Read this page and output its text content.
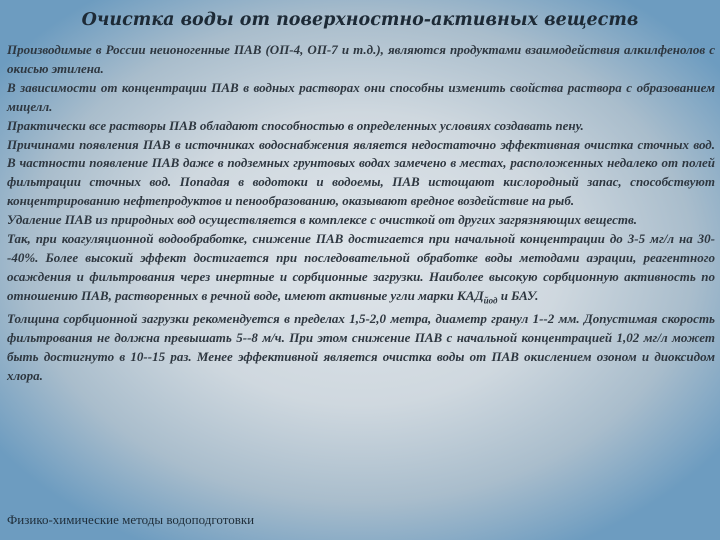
Очистка воды от поверхностно-активных веществ

Производимые в России неионогенные ПАВ (ОП-4, ОП-7 и т.д.), являются продуктами взаимодействия алкилфенолов с окисью этилена.

В зависимости от концентрации ПАВ в водных растворах они способны изменить свойства раствора с образованием мицелл.

Практически все растворы ПАВ обладают способностью в определенных условиях создавать пену.

Причинами появления ПАВ в источниках водоснабжения является недостаточно эффективная очистка сточных вод. В частности появление ПАВ даже в подземных грунтовых водах замечено в местах, расположенных недалеко от полей фильтрации сточных вод. Попадая в водотоки и водоемы, ПАВ истощают кислородный запас, способствуют концентрированию нефтепродуктов и пенообразованию, оказывают вредное воздействие на рыб.

Удаление ПАВ из природных вод осуществляется в комплексе с очисткой от других загрязняющих веществ.

Так, при коагуляционной водообработке, снижение ПАВ достигается при начальной концентрации до 3-5 мг/л на 30--40%. Более высокий эффект достигается при последовательной обработке воды методами аэрации, реагентного осаждения и фильтрования через инертные и сорбционные загрузки. Наиболее высокую сорбционную активность по отношению ПАВ, растворенных в речной воде, имеют активные угли марки $КАД_{йод}$ и БАУ.

Толщина сорбционной загрузки рекомендуется в пределах 1,5-2,0 метра, диаметр гранул 1--2 мм. Допустимая скорость фильтрования не должна превышать 5--8 м/ч. При этом снижение ПАВ с начальной концентрацией 1,02 мг/л может быть достигнуто в 10--15 раз. Менее эффективной является очистка воды от ПАВ окислением озоном и диоксидом хлора.

Физико-химические методы водоподготовки
